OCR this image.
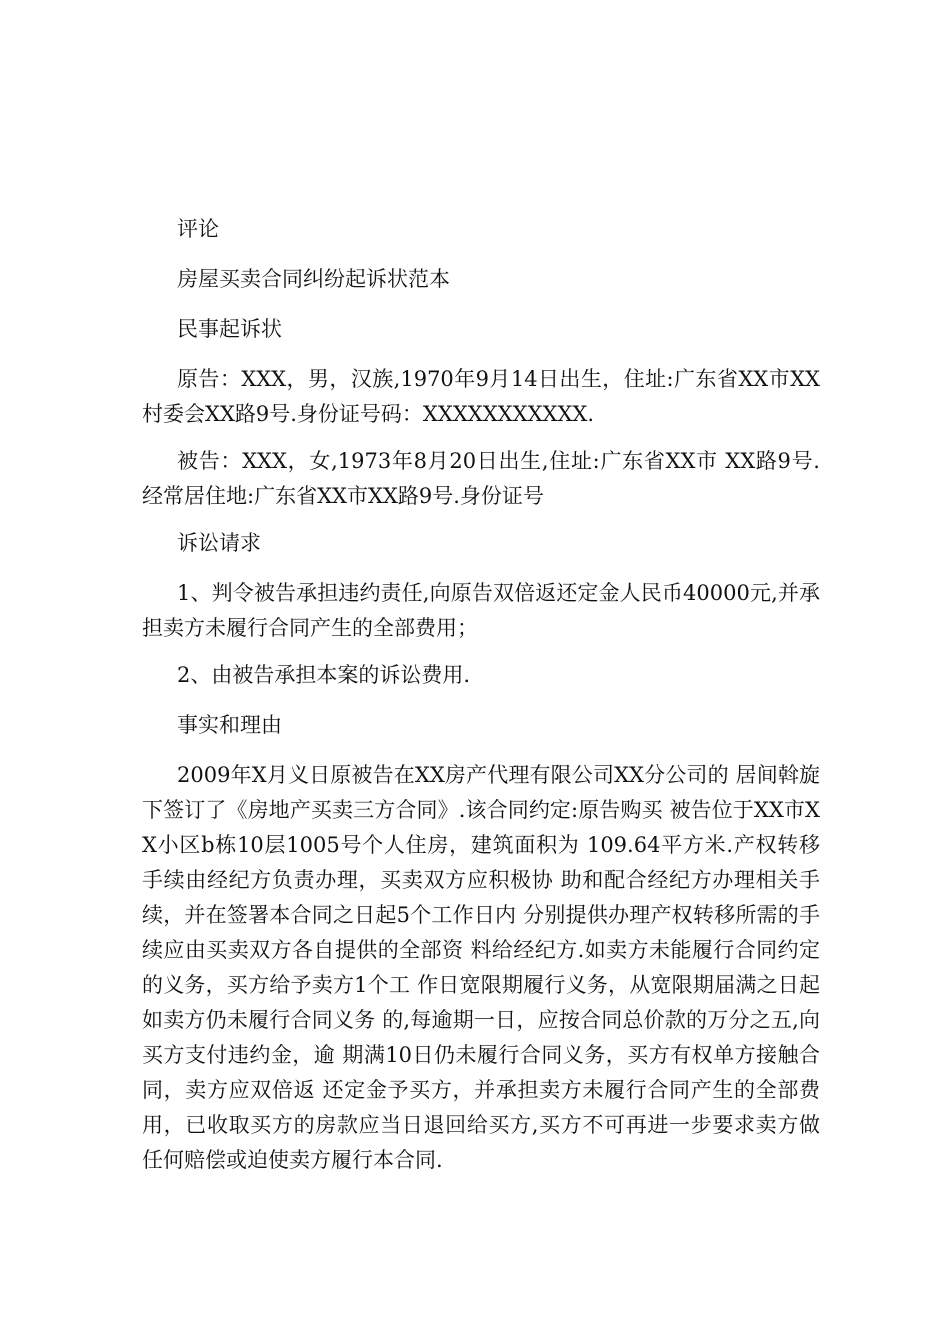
评论

房屋买卖合同纠纷起诉状范本

民事起诉状

原告：XXX，男，汉族,1970年9月14日出生，住址:广东省XX市XX村委会XX路9号.身份证号码：XXXXXXXXXXX.

被告：XXX，女,1973年8月20日出生,住址:广东省XX市 XX路9号.经常居住地:广东省XX市XX路9号.身份证号

诉讼请求

1、判令被告承担违约责任,向原告双倍返还定金人民币40000元,并承担卖方未履行合同产生的全部费用；

2、由被告承担本案的诉讼费用.

事实和理由

2009年X月义日原被告在XX房产代理有限公司XX分公司的 居间斡旋下签订了《房地产买卖三方合同》.该合同约定:原告购买 被告位于XX市XX小区b栋10层1005号个人住房，建筑面积为 109.64平方米.产权转移手续由经纪方负责办理，买卖双方应积极协 助和配合经纪方办理相关手续，并在签署本合同之日起5个工作日内 分别提供办理产权转移所需的手续应由买卖双方各自提供的全部资 料给经纪方.如卖方未能履行合同约定的义务，买方给予卖方1个工 作日宽限期履行义务，从宽限期届满之日起如卖方仍未履行合同义务 的,每逾期一日，应按合同总价款的万分之五,向买方支付违约金，逾 期满10日仍未履行合同义务，买方有权单方接触合同，卖方应双倍返 还定金予买方，并承担卖方未履行合同产生的全部费用，已收取买方的房款应当日退回给买方,买方不可再进一步要求卖方做任何赔偿或迫使卖方履行本合同.
